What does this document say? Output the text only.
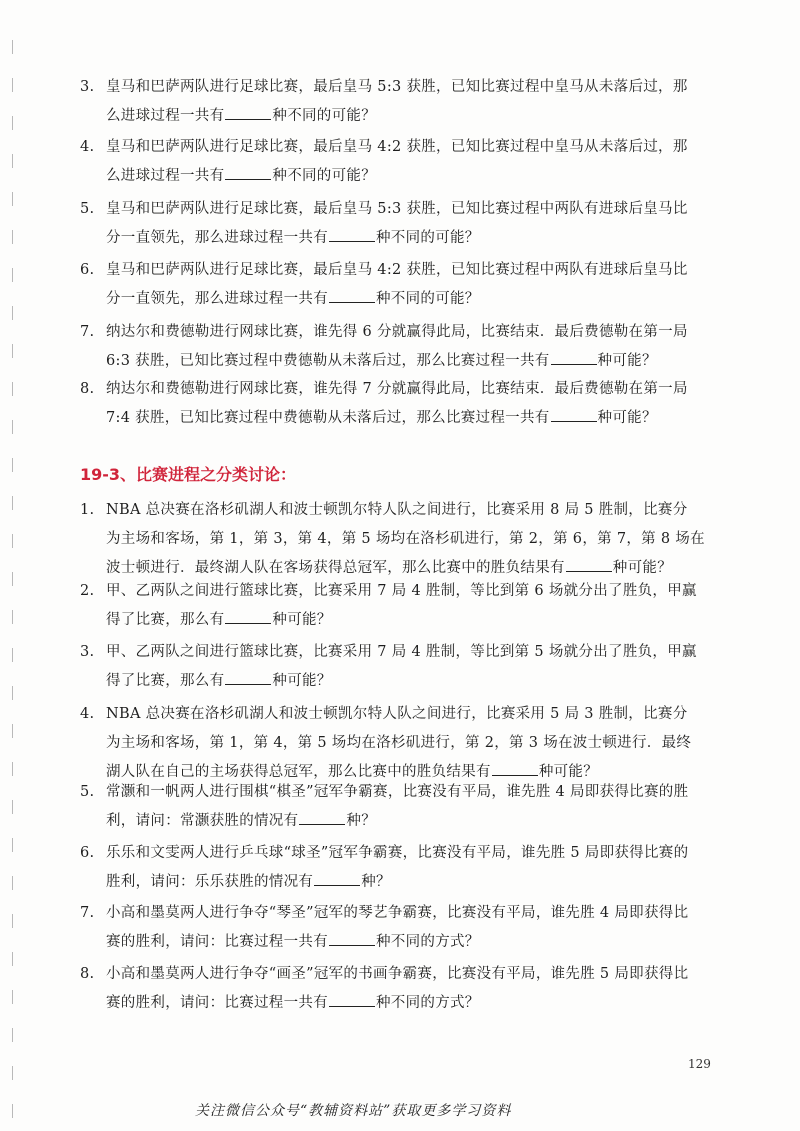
3. 皇马和巴萨两队进行足球比赛，最后皇马 5:3 获胜，已知比赛过程中皇马从未落后过，那
么进球过程一共有	种不同的可能？
4. 皇马和巴萨两队进行足球比赛，最后皇马 4:2 获胜，已知比赛过程中皇马从未落后过，那
么进球过程一共有	种不同的可能？
5. 皇马和巴萨两队进行足球比赛，最后皇马 5:3 获胜，已知比赛过程中两队有进球后皇马比
分一直领先，那么进球过程一共有	种不同的可能？
6. 皇马和巴萨两队进行足球比赛，最后皇马 4:2 获胜，已知比赛过程中两队有进球后皇马比
分一直领先，那么进球过程一共有	种不同的可能？
7. 纳达尔和费德勒进行网球比赛，谁先得 6 分就赢得此局，比赛结束．最后费德勒在第一局
6:3 获胜，已知比赛过程中费德勒从未落后过，那么比赛过程一共有	种可能？
8. 纳达尔和费德勒进行网球比赛，谁先得 7 分就赢得此局，比赛结束．最后费德勒在第一局
7:4 获胜，已知比赛过程中费德勒从未落后过，那么比赛过程一共有	种可能？
19-3、比赛进程之分类讨论：
1. NBA 总决赛在洛杉矶湖人和波士顿凯尔特人队之间进行，比赛采用 8 局 5 胜制，比赛分
为主场和客场，第 1，第 3，第 4，第 5 场均在洛杉矶进行，第 2，第 6，第 7，第 8 场在
波士顿进行．最终湖人队在客场获得总冠军，那么比赛中的胜负结果有	种可能？
2. 甲、乙两队之间进行篮球比赛，比赛采用 7 局 4 胜制，等比到第 6 场就分出了胜负，甲赢
得了比赛，那么有	种可能？
3. 甲、乙两队之间进行篮球比赛，比赛采用 7 局 4 胜制，等比到第 5 场就分出了胜负，甲赢
得了比赛，那么有	种可能？
4. NBA 总决赛在洛杉矶湖人和波士顿凯尔特人队之间进行，比赛采用 5 局 3 胜制，比赛分
为主场和客场，第 1，第 4，第 5 场均在洛杉矶进行，第 2，第 3 场在波士顿进行．最终
湖人队在自己的主场获得总冠军，那么比赛中的胜负结果有	种可能？
5. 常灏和一帆两人进行围棋“棋圣”冠军争霸赛，比赛没有平局，谁先胜 4 局即获得比赛的胜
利，请问：常灏获胜的情况有	种？
6. 乐乐和文雯两人进行乒乓球“球圣”冠军争霸赛，比赛没有平局，谁先胜 5 局即获得比赛的
胜利，请问：乐乐获胜的情况有	种？
7. 小高和墨莫两人进行争夺“琴圣”冠军的琴艺争霸赛，比赛没有平局，谁先胜 4 局即获得比
赛的胜利，请问：比赛过程一共有	种不同的方式？
8. 小高和墨莫两人进行争夺“画圣”冠军的书画争霸赛，比赛没有平局，谁先胜 5 局即获得比
赛的胜利，请问：比赛过程一共有	种不同的方式？
129
关注微信公众号“教辅资料站”获取更多学习资料
